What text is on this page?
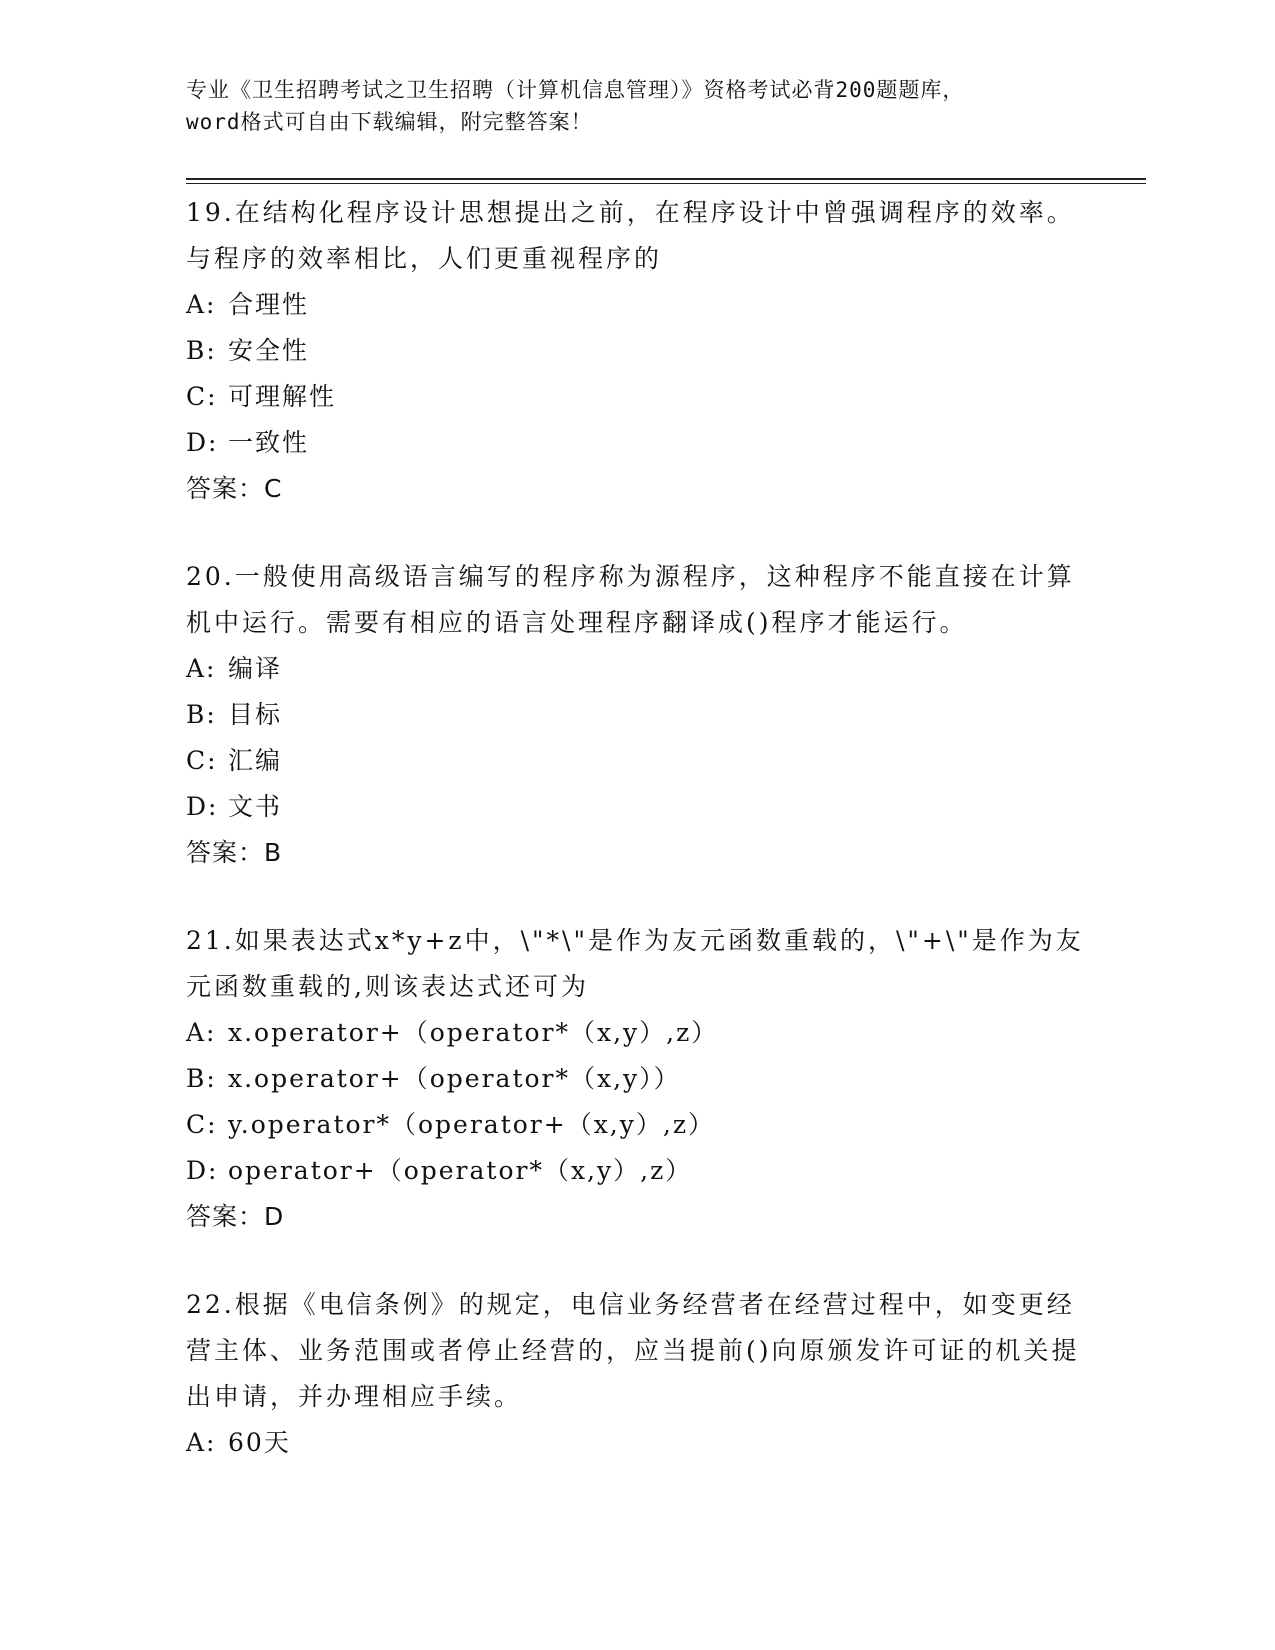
专业《卫生招聘考试之卫生招聘（计算机信息管理）》资格考试必背200题题库，
word格式可自由下载编辑，附完整答案！

19.在结构化程序设计思想提出之前，在程序设计中曾强调程序的效率。与程序的效率相比，人们更重视程序的

A: 合理性

B: 安全性

C: 可理解性

D: 一致性

答案：C

20.一般使用高级语言编写的程序称为源程序，这种程序不能直接在计算机中运行。需要有相应的语言处理程序翻译成()程序才能运行。

A: 编译

B: 目标

C: 汇编

D: 文书

答案：B

21.如果表达式x*y+z中，\"*\"是作为友元函数重载的，\"+\"是作为友元函数重载的,则该表达式还可为

A: x.operator+（operator*（x,y）,z）

B: x.operator+（operator*（x,y））

C: y.operator*（operator+（x,y）,z）

D: operator+（operator*（x,y）,z）

答案：D

22.根据《电信条例》的规定，电信业务经营者在经营过程中，如变更经营主体、业务范围或者停止经营的，应当提前()向原颁发许可证的机关提出申请，并办理相应手续。

A: 60天
